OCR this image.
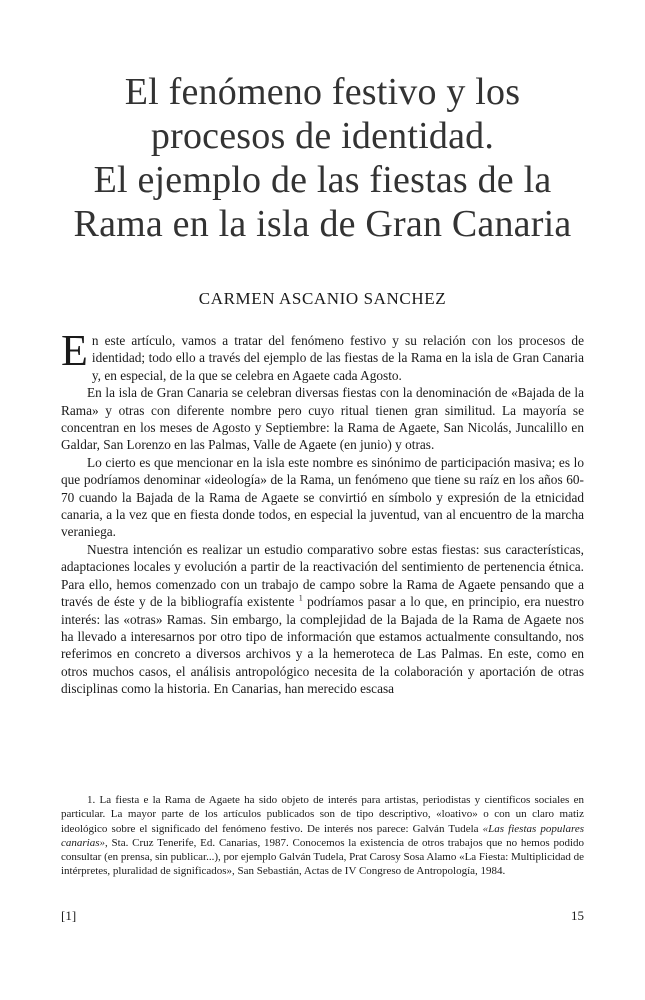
El fenómeno festivo y los
procesos de identidad.
El ejemplo de las fiestas de la
Rama en la isla de Gran Canaria
CARMEN ASCANIO SANCHEZ

En este artículo, vamos a tratar del fenómeno festivo y su relación con los procesos de identidad; todo ello a través del ejemplo de las fiestas de la Rama en la isla de Gran Canaria y, en especial, de la que se celebra en Agaete cada Agosto.

En la isla de Gran Canaria se celebran diversas fiestas con la denominación de «Bajada de la Rama» y otras con diferente nombre pero cuyo ritual tienen gran similitud. La mayoría se concentran en los meses de Agosto y Septiembre: la Rama de Agaete, San Nicolás, Juncalillo en Galdar, San Lorenzo en las Palmas, Valle de Agaete (en junio) y otras.

Lo cierto es que mencionar en la isla este nombre es sinónimo de participación masiva; es lo que podríamos denominar «ideología» de la Rama, un fenómeno que tiene su raíz en los años 60-70 cuando la Bajada de la Rama de Agaete se convirtió en símbolo y expresión de la etnicidad canaria, a la vez que en fiesta donde todos, en especial la juventud, van al encuentro de la marcha veraniega.

Nuestra intención es realizar un estudio comparativo sobre estas fiestas: sus características, adaptaciones locales y evolución a partir de la reactivación del sentimiento de pertenencia étnica. Para ello, hemos comenzado con un trabajo de campo sobre la Rama de Agaete pensando que a través de éste y de la bibliografía existente $^1$ podríamos pasar a lo que, en principio, era nuestro interés: las «otras» Ramas. Sin embargo, la complejidad de la Bajada de la Rama de Agaete nos ha llevado a interesarnos por otro tipo de información que estamos actualmente consultando, nos referimos en concreto a diversos archivos y a la hemeroteca de Las Palmas. En este, como en otros muchos casos, el análisis antropológico necesita de la colaboración y aportación de otras disciplinas como la historia. En Canarias, han merecido escasa

1. La fiesta e la Rama de Agaete ha sido objeto de interés para artistas, periodistas y científicos sociales en particular. La mayor parte de los artículos publicados son de tipo descriptivo, «loativo» o con un claro matiz ideológico sobre el significado del fenómeno festivo. De interés nos parece: Galván Tudela «Las fiestas populares canarias», Sta. Cruz Tenerife, Ed. Canarias, 1987. Conocemos la existencia de otros trabajos que no hemos podido consultar (en prensa, sin publicar...), por ejemplo Galván Tudela, Prat Carosy Sosa Alamo «La Fiesta: Multiplicidad de intérpretes, pluralidad de significados», San Sebastián, Actas de IV Congreso de Antropología, 1984.

[1]	15
